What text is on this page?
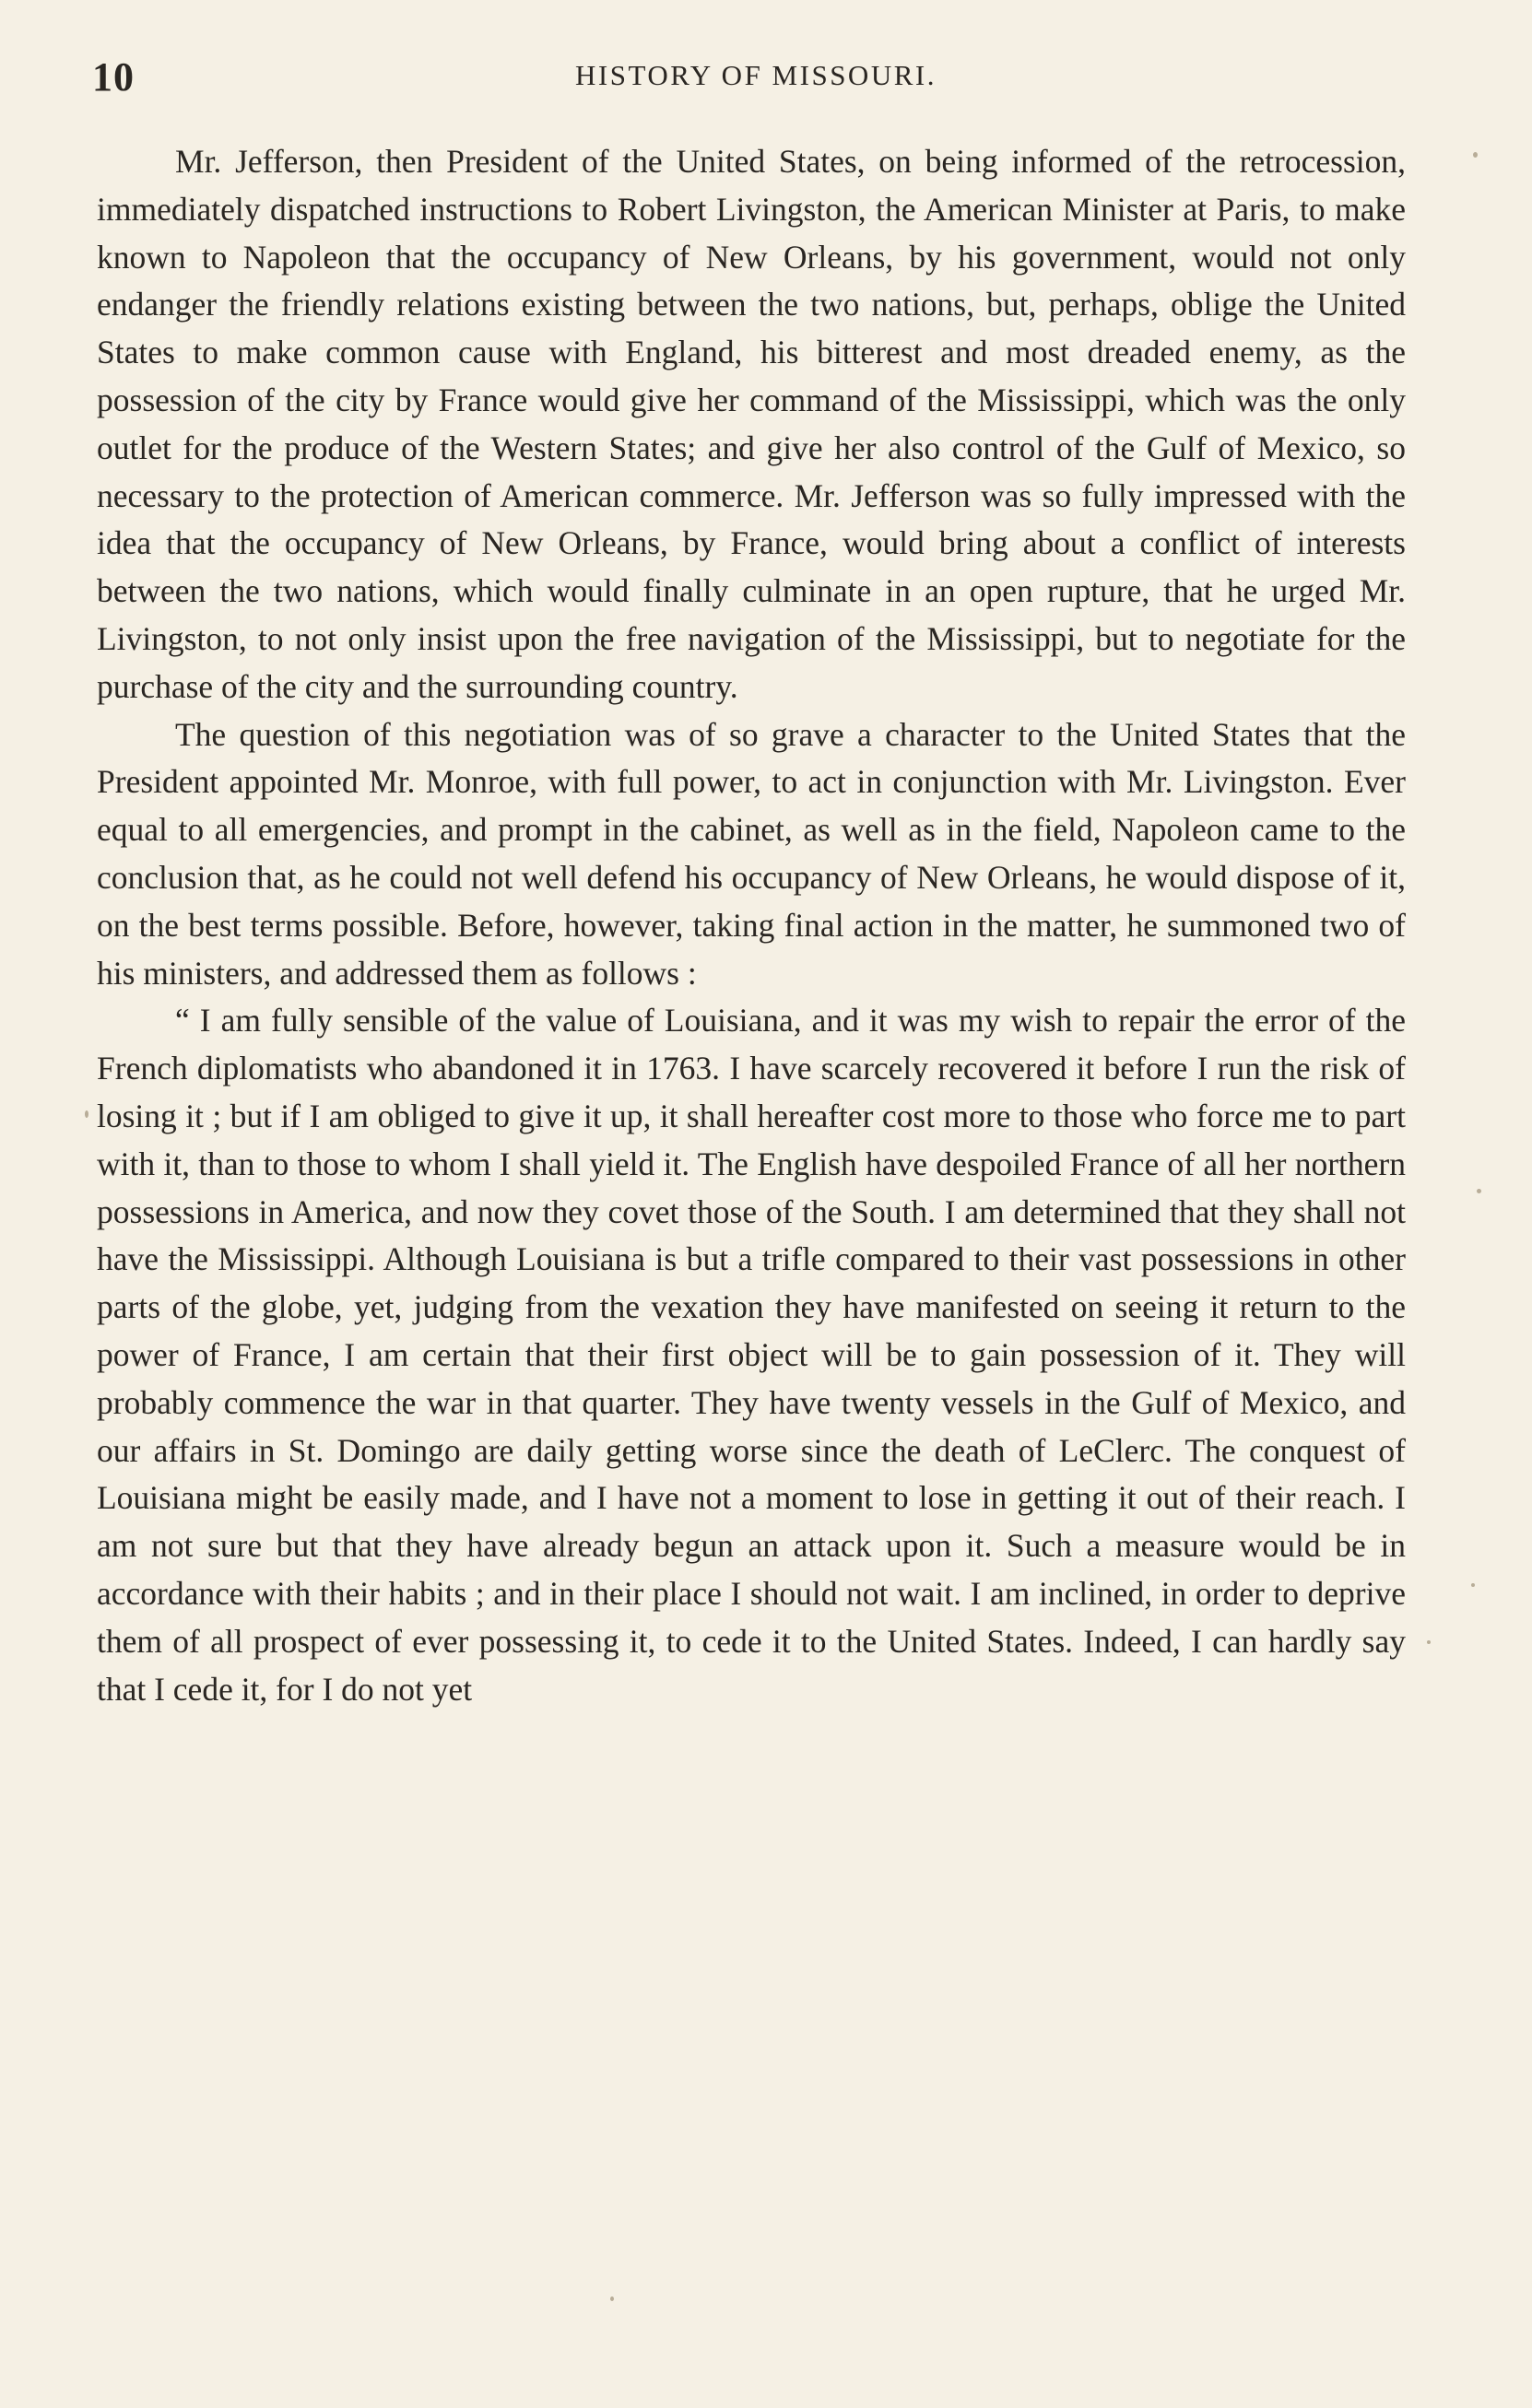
10	HISTORY OF MISSOURI.

Mr. Jefferson, then President of the United States, on being informed of the retrocession, immediately dispatched instructions to Robert Livingston, the American Minister at Paris, to make known to Napoleon that the occupancy of New Orleans, by his government, would not only endanger the friendly relations existing between the two nations, but, perhaps, oblige the United States to make common cause with England, his bitterest and most dreaded enemy, as the possession of the city by France would give her command of the Mississippi, which was the only outlet for the produce of the Western States; and give her also control of the Gulf of Mexico, so necessary to the protection of American commerce. Mr. Jefferson was so fully impressed with the idea that the occupancy of New Orleans, by France, would bring about a conflict of interests between the two nations, which would finally culminate in an open rupture, that he urged Mr. Livingston, to not only insist upon the free navigation of the Mississippi, but to negotiate for the purchase of the city and the surrounding country.

The question of this negotiation was of so grave a character to the United States that the President appointed Mr. Monroe, with full power, to act in conjunction with Mr. Livingston. Ever equal to all emergencies, and prompt in the cabinet, as well as in the field, Napoleon came to the conclusion that, as he could not well defend his occupancy of New Orleans, he would dispose of it, on the best terms possible. Before, however, taking final action in the matter, he summoned two of his ministers, and addressed them as follows :

“ I am fully sensible of the value of Louisiana, and it was my wish to repair the error of the French diplomatists who abandoned it in 1763. I have scarcely recovered it before I run the risk of losing it ; but if I am obliged to give it up, it shall hereafter cost more to those who force me to part with it, than to those to whom I shall yield it. The English have despoiled France of all her northern possessions in America, and now they covet those of the South. I am determined that they shall not have the Mississippi. Although Louisiana is but a trifle compared to their vast possessions in other parts of the globe, yet, judging from the vexation they have manifested on seeing it return to the power of France, I am certain that their first object will be to gain possession of it. They will probably commence the war in that quarter. They have twenty vessels in the Gulf of Mexico, and our affairs in St. Domingo are daily getting worse since the death of LeClerc. The conquest of Louisiana might be easily made, and I have not a moment to lose in getting it out of their reach. I am not sure but that they have already begun an attack upon it. Such a measure would be in accordance with their habits ; and in their place I should not wait. I am inclined, in order to deprive them of all prospect of ever possessing it, to cede it to the United States. Indeed, I can hardly say that I cede it, for I do not yet
